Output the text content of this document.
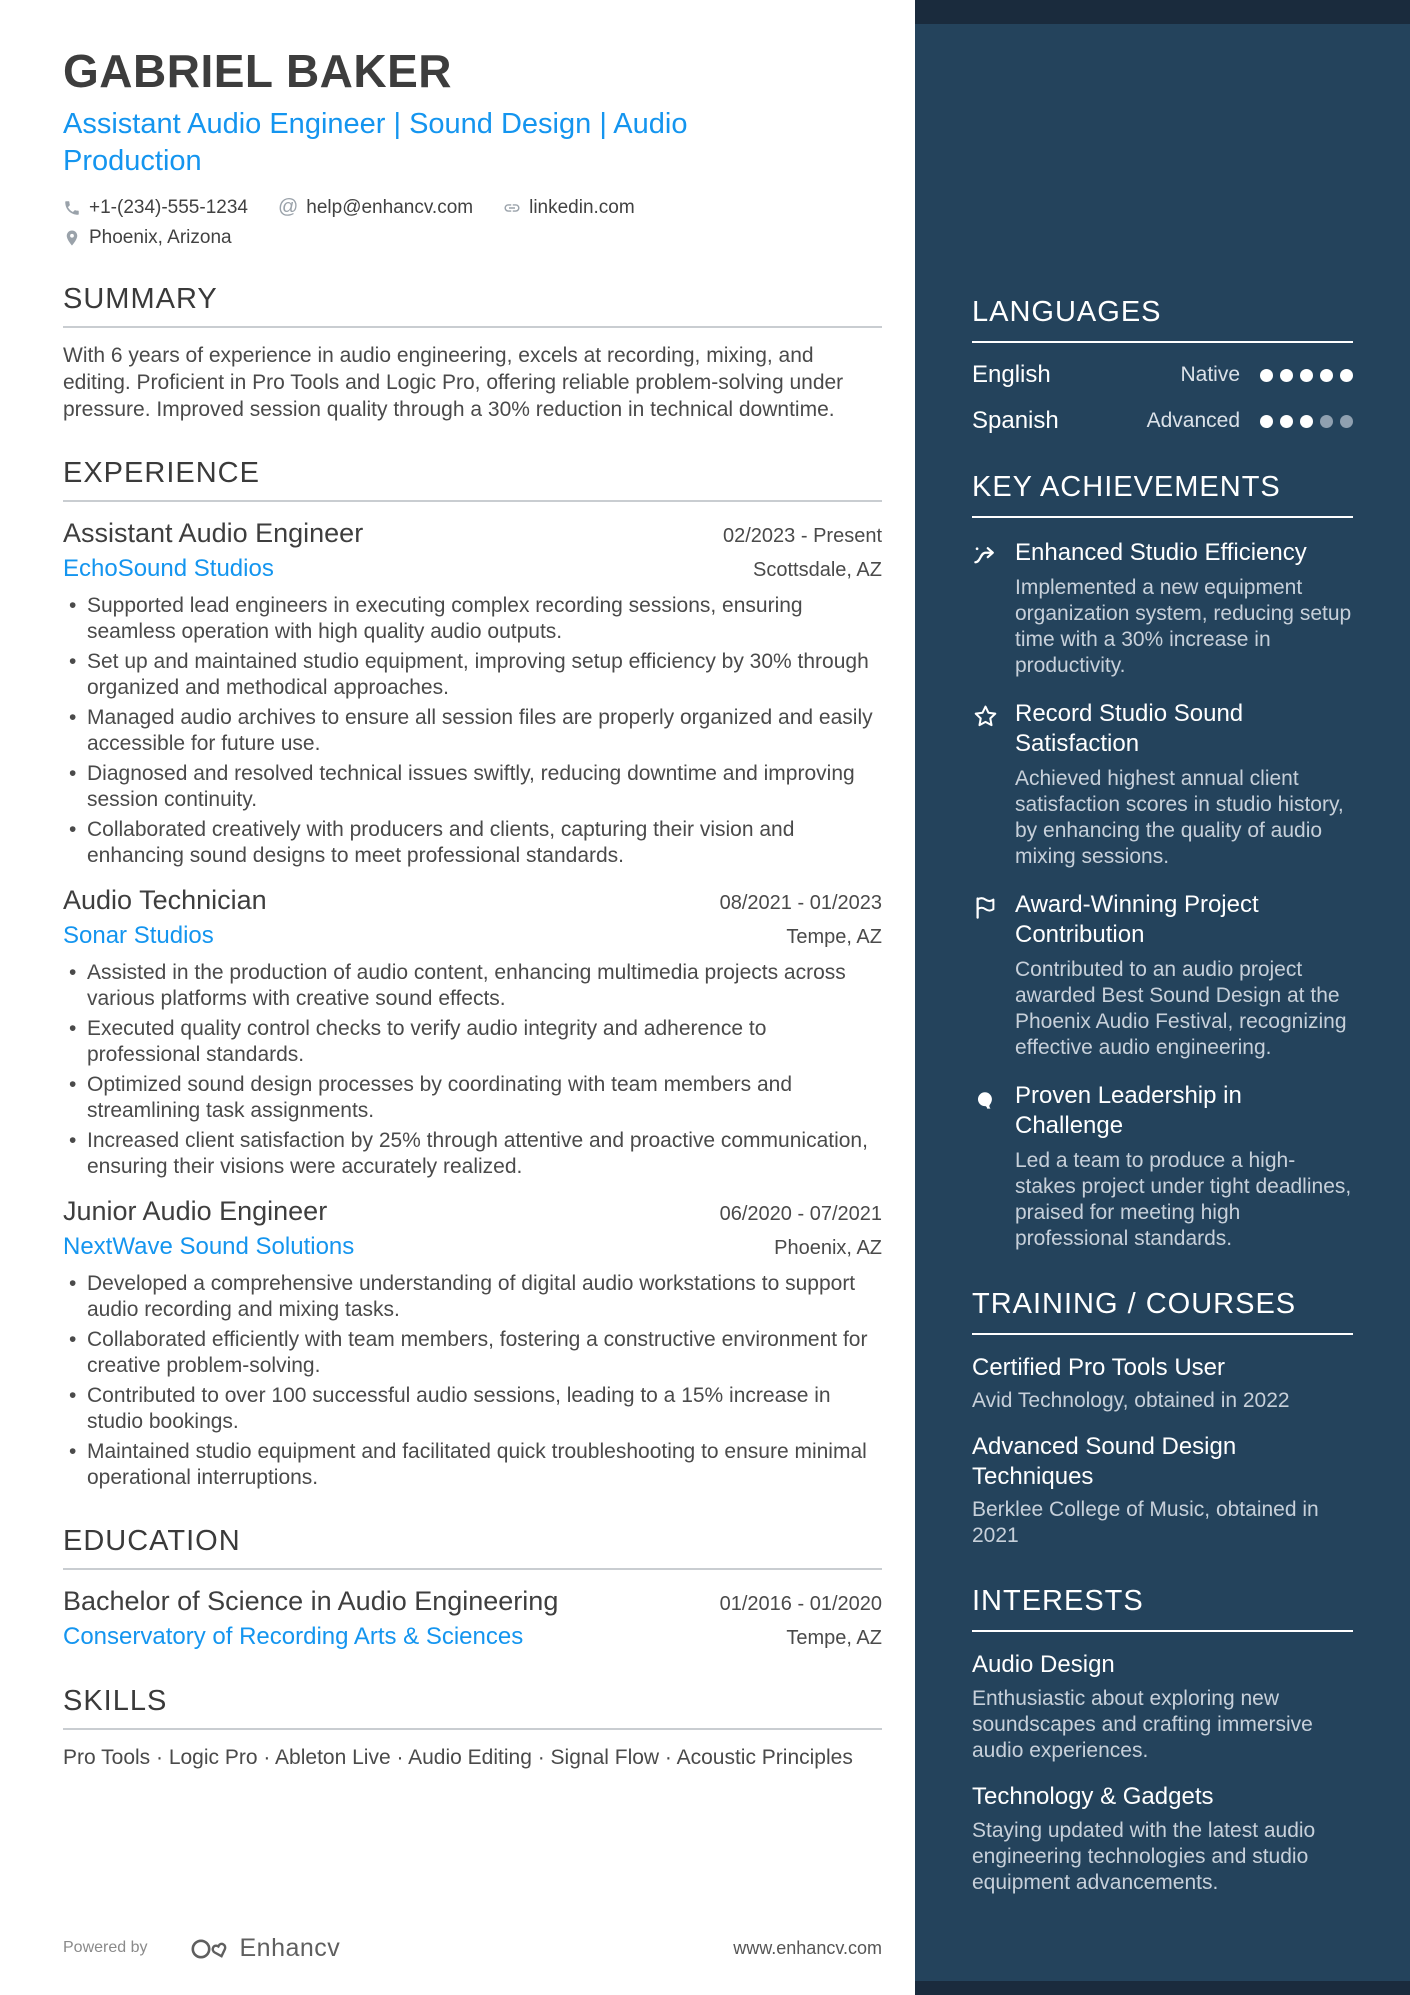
GABRIEL BAKER

Assistant Audio Engineer | Sound Design | Audio Production

+1-(234)-555-1234 @ help@enhancv.com	linkedin.com
Phoenix, Arizona
SUMMARY

With 6 years of experience in audio engineering, excels at recording, mixing, and editing. Proficient in Pro Tools and Logic Pro, offering reliable problem-solving under pressure. Improved session quality through a 30% reduction in technical downtime.

EXPERIENCE
Assistant Audio Engineer	02/2023 - Present
EchoSound Studios	Scottsdale, AZ
• Supported lead engineers in executing complex recording sessions, ensuring seamless operation with high quality audio outputs.
• Set up and maintained studio equipment, improving setup efficiency by 30% through organized and methodical approaches.
• Managed audio archives to ensure all session files are properly organized and easily accessible for future use.
• Diagnosed and resolved technical issues swiftly, reducing downtime and improving session continuity.
• Collaborated creatively with producers and clients, capturing their vision and enhancing sound designs to meet professional standards.
Audio Technician	08/2021 - 01/2023
Sonar Studios	Tempe, AZ
• Assisted in the production of audio content, enhancing multimedia projects across various platforms with creative sound effects.
• Executed quality control checks to verify audio integrity and adherence to professional standards.
• Optimized sound design processes by coordinating with team members and streamlining task assignments.
• Increased client satisfaction by 25% through attentive and proactive communication, ensuring their visions were accurately realized.
Junior Audio Engineer	06/2020 - 07/2021
NextWave Sound Solutions	Phoenix, AZ
• Developed a comprehensive understanding of digital audio workstations to support audio recording and mixing tasks.
• Collaborated efficiently with team members, fostering a constructive environment for creative problem-solving.
• Contributed to over 100 successful audio sessions, leading to a 15% increase in studio bookings.
• Maintained studio equipment and facilitated quick troubleshooting to ensure minimal operational interruptions.
EDUCATION
Bachelor of Science in Audio Engineering	01/2016 - 01/2020
Conservatory of Recording Arts & Sciences	Tempe, AZ
SKILLS
Pro Tools · Logic Pro · Ableton Live · Audio Editing · Signal Flow · Acoustic Principles
Powered by	Enhancv	www.enhancv.com
LANGUAGES
English	Native
Spanish	Advanced
KEY ACHIEVEMENTS
Enhanced Studio Efficiency
Implemented a new equipment organization system, reducing setup time with a 30% increase in productivity.
Record Studio Sound Satisfaction
Achieved highest annual client satisfaction scores in studio history, by enhancing the quality of audio mixing sessions.
Award-Winning Project Contribution
Contributed to an audio project awarded Best Sound Design at the Phoenix Audio Festival, recognizing effective audio engineering.
Proven Leadership in Challenge
Led a team to produce a high-stakes project under tight deadlines, praised for meeting high professional standards.
TRAINING / COURSES
Certified Pro Tools User
Avid Technology, obtained in 2022
Advanced Sound Design Techniques
Berklee College of Music, obtained in 2021
INTERESTS
Audio Design
Enthusiastic about exploring new soundscapes and crafting immersive audio experiences.
Technology & Gadgets
Staying updated with the latest audio engineering technologies and studio equipment advancements.
